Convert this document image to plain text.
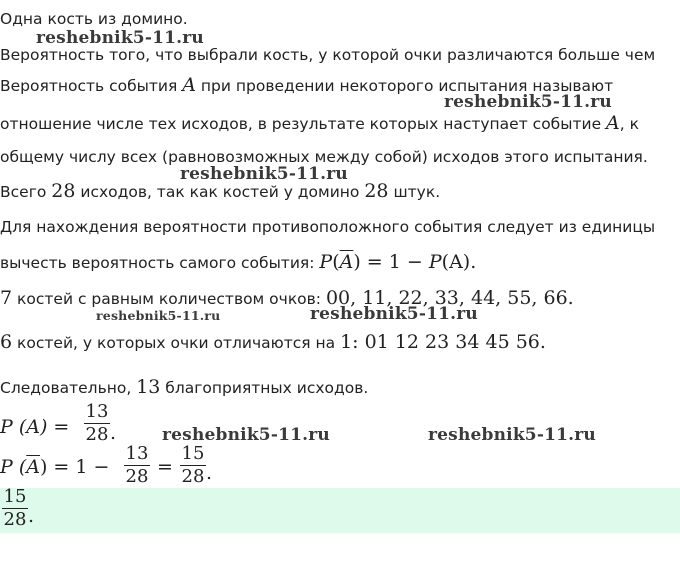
Одна кость из домино.
reshebnik5-11.ru
Вероятность того, что выбрали кость, у которой очки различаются больше чем
Вероятность события A при проведении некоторого испытания называют
reshebnik5-11.ru
отношение числе тех исходов, в результате которых наступает событие A, к
общему числу всех (равновозможных между собой) исходов этого испытания.
reshebnik5-11.ru
Всего 28 исходов, так как костей у домино 28 штук.
Для нахождения вероятности противоположного события следует из единицы
вычесть вероятность самого события: $P(\overline{A}) = 1 - P(A)$.
7 костей с равным количеством очков: 00, 11, 22, 33, 44, 55, 66.
reshebnik5-11.ru	reshebnik5-11.ru
6 костей, у которых очки отличаются на 1: 01 12 23 34 45 56.
Следовательно, 13 благоприятных исходов.
P (A) =
13
28 .	reshebnik5-11.ru	reshebnik5-11.ru
P $(\overline{A}) = 1$ −
13
28 =
15
28 .
15
28 .
